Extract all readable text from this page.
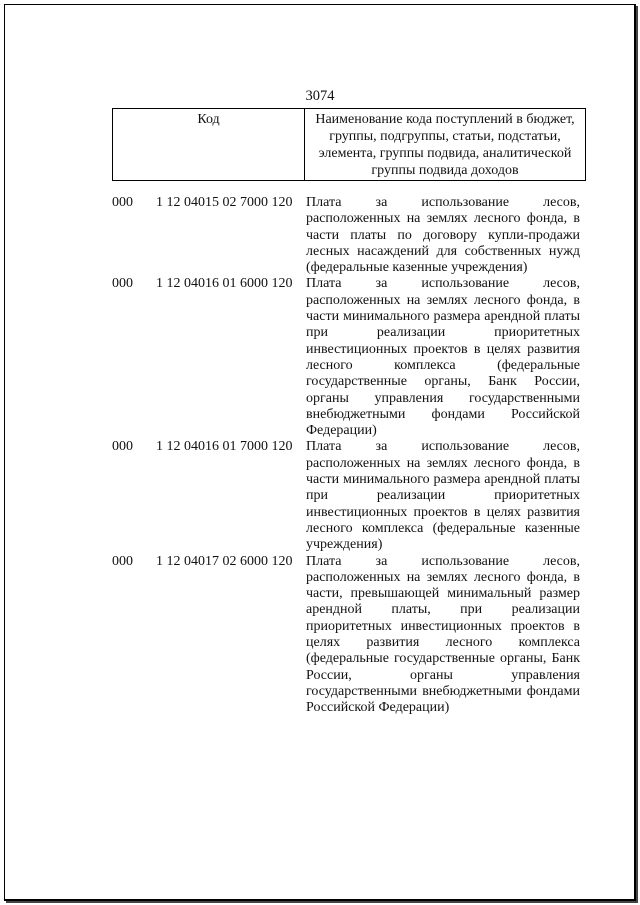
3074
Код	Наименование кода поступлений в бюджет,
группы, подгруппы, статьи, подстатьи,
элемента, группы подвида, аналитической
группы подвида доходов
000	1 12 04015 02 7000 120 Плата за использование лесов,
расположенных на землях лесного фонда, в
части платы по договору купли-продажи
лесных насаждений для собственных нужд
(федеральные казенные учреждения)
000	1 12 04016 01 6000 120 Плата за использование лесов,
расположенных на землях лесного фонда, в
части минимального размера арендной платы
при реализации приоритетных
инвестиционных проектов в целях развития
лесного комплекса (федеральные
государственные органы, Банк России,
органы управления государственными
внебюджетными фондами Российской
Федерации)
000	1 12 04016 01 7000 120 Плата за использование лесов,
расположенных на землях лесного фонда, в
части минимального размера арендной платы
при реализации приоритетных
инвестиционных проектов в целях развития
лесного комплекса (федеральные казенные
учреждения)
000	1 12 04017 02 6000 120 Плата за использование лесов,
расположенных на землях лесного фонда, в
части, превышающей минимальный размер
арендной платы, при реализации
приоритетных инвестиционных проектов в
целях развития лесного комплекса
(федеральные государственные органы, Банк
России, органы управления
государственными внебюджетными фондами
Российской Федерации)
